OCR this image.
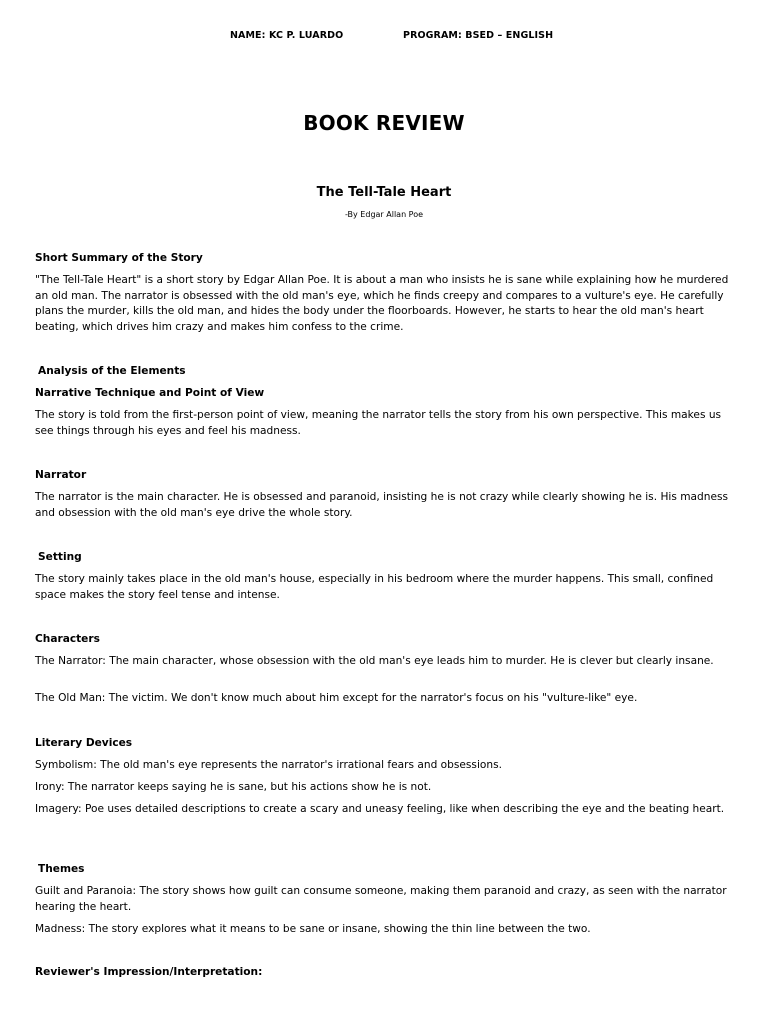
NAME: KC P. LUARDO	PROGRAM: BSED – ENGLISH
BOOK REVIEW
The Tell-Tale Heart
-By Edgar Allan Poe
Short Summary of the Story

"The Tell-Tale Heart" is a short story by Edgar Allan Poe. It is about a man who insists he is sane while explaining how he murdered an old man. The narrator is obsessed with the old man's eye, which he finds creepy and compares to a vulture's eye. He carefully plans the murder, kills the old man, and hides the body under the floorboards. However, he starts to hear the old man's heart beating, which drives him crazy and makes him confess to the crime.

Analysis of the Elements
Narrative Technique and Point of View

The story is told from the first-person point of view, meaning the narrator tells the story from his own perspective. This makes us see things through his eyes and feel his madness.

Narrator

The narrator is the main character. He is obsessed and paranoid, insisting he is not crazy while clearly showing he is. His madness and obsession with the old man's eye drive the whole story.

Setting

The story mainly takes place in the old man's house, especially in his bedroom where the murder happens. This small, confined space makes the story feel tense and intense.

Characters

The Narrator: The main character, whose obsession with the old man's eye leads him to murder. He is clever but clearly insane.

The Old Man: The victim. We don't know much about him except for the narrator's focus on his "vulture-like" eye.

Literary Devices

Symbolism: The old man's eye represents the narrator's irrational fears and obsessions.

Irony: The narrator keeps saying he is sane, but his actions show he is not.

Imagery: Poe uses detailed descriptions to create a scary and uneasy feeling, like when describing the eye and the beating heart.

Themes

Guilt and Paranoia: The story shows how guilt can consume someone, making them paranoid and crazy, as seen with the narrator hearing the heart.

Madness: The story explores what it means to be sane or insane, showing the thin line between the two.

Reviewer's Impression/Interpretation:
